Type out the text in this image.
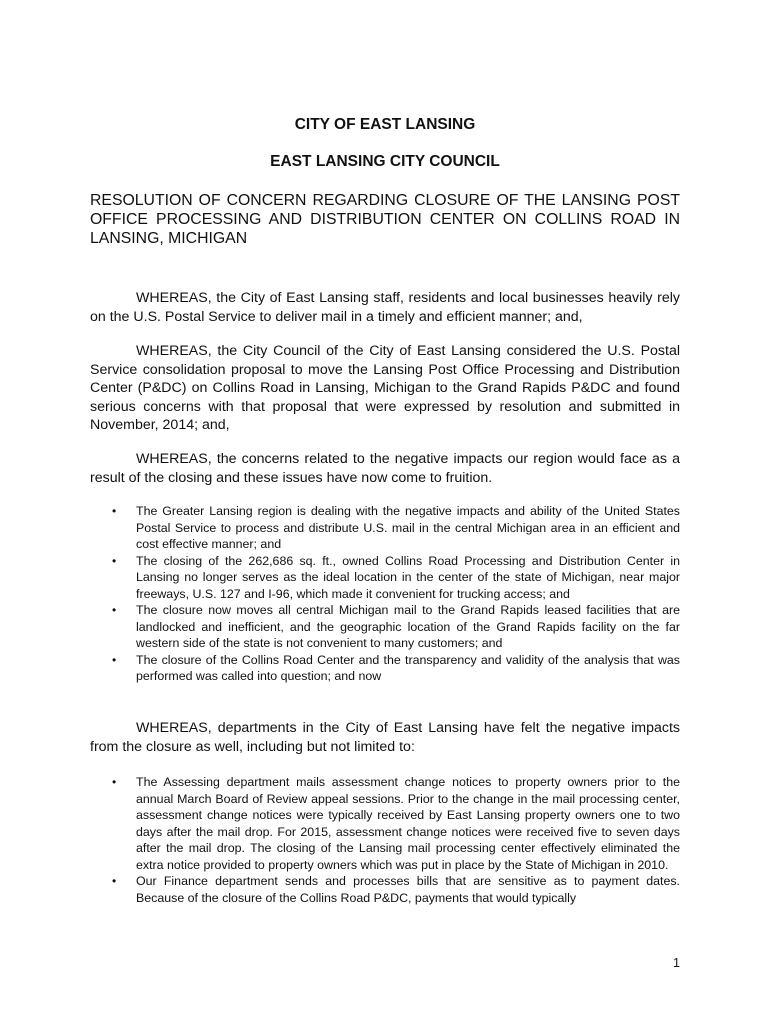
CITY OF EAST LANSING
EAST LANSING CITY COUNCIL

RESOLUTION OF CONCERN REGARDING CLOSURE OF THE LANSING POST OFFICE PROCESSING AND DISTRIBUTION CENTER ON COLLINS ROAD IN LANSING, MICHIGAN

WHEREAS, the City of East Lansing staff, residents and local businesses heavily rely on the U.S. Postal Service to deliver mail in a timely and efficient manner; and,

WHEREAS, the City Council of the City of East Lansing considered the U.S. Postal Service consolidation proposal to move the Lansing Post Office Processing and Distribution Center (P&DC) on Collins Road in Lansing, Michigan to the Grand Rapids P&DC and found serious concerns with that proposal that were expressed by resolution and submitted in November, 2014; and,

WHEREAS, the concerns related to the negative impacts our region would face as a result of the closing and these issues have now come to fruition.

• The Greater Lansing region is dealing with the negative impacts and ability of the United States Postal Service to process and distribute U.S. mail in the central Michigan area in an efficient and cost effective manner; and
• The closing of the 262,686 sq. ft., owned Collins Road Processing and Distribution Center in Lansing no longer serves as the ideal location in the center of the state of Michigan, near major freeways, U.S. 127 and I-96, which made it convenient for trucking access; and
• The closure now moves all central Michigan mail to the Grand Rapids leased facilities that are landlocked and inefficient, and the geographic location of the Grand Rapids facility on the far western side of the state is not convenient to many customers; and
• The closure of the Collins Road Center and the transparency and validity of the analysis that was performed was called into question; and now

WHEREAS, departments in the City of East Lansing have felt the negative impacts from the closure as well, including but not limited to:

• The Assessing department mails assessment change notices to property owners prior to the annual March Board of Review appeal sessions. Prior to the change in the mail processing center, assessment change notices were typically received by East Lansing property owners one to two days after the mail drop. For 2015, assessment change notices were received five to seven days after the mail drop. The closing of the Lansing mail processing center effectively eliminated the extra notice provided to property owners which was put in place by the State of Michigan in 2010.
• Our Finance department sends and processes bills that are sensitive as to payment dates. Because of the closure of the Collins Road P&DC, payments that would typically

1
